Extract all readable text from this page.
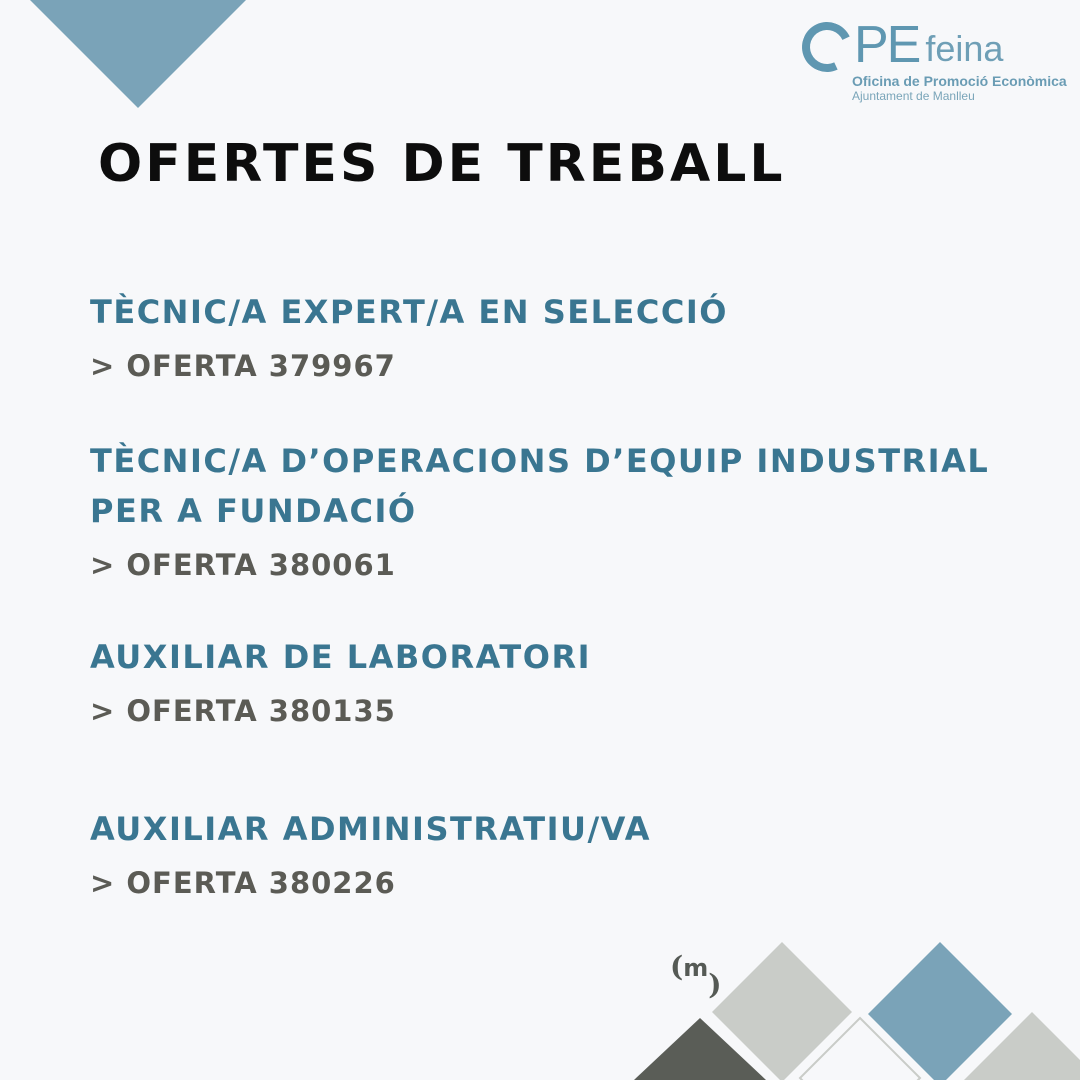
PE feina
Oficina de Promoció Econòmica
Ajuntament de Manlleu
OFERTES DE TREBALL
TÈCNIC/A EXPERT/A EN SELECCIÓ
> OFERTA 379967
TÈCNIC/A D’OPERACIONS D’EQUIP INDUSTRIAL
PER A FUNDACIÓ
> OFERTA 380061
AUXILIAR DE LABORATORI
> OFERTA 380135
AUXILIAR ADMINISTRATIU/VA
> OFERTA 380226
(m)
